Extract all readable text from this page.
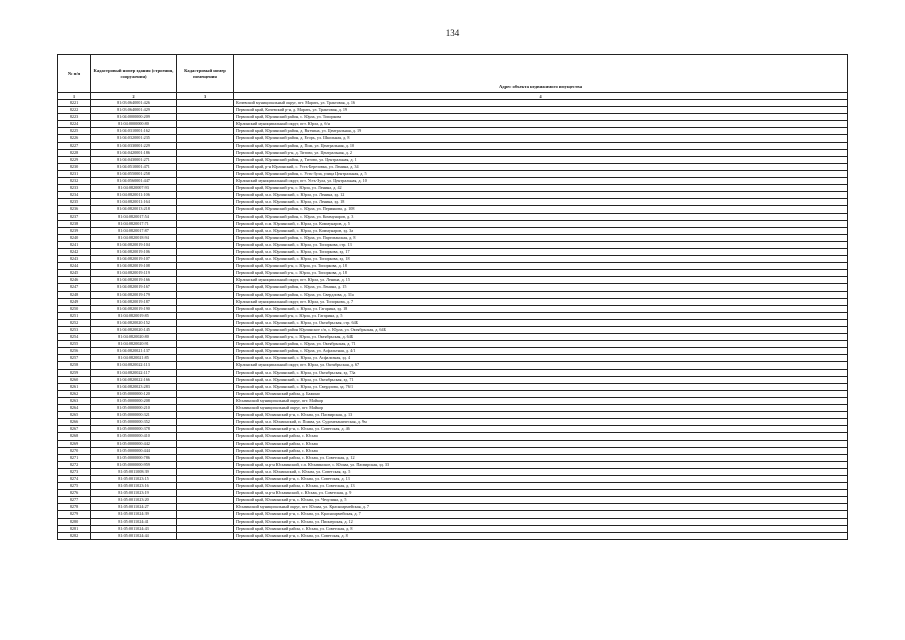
134
№ п/п	Кадастровый номер здания (строения, сооружения)	Кадастровый номер помещения	Адрес объекта недвижимого имущества
1	2	3	4
8221	81:03:0640001:426		Кочевский муниципальный округ, пгт. Марать, ул. Трактовая, д. 16
8222	81:03:0640001:429		Пермский край, Кочевский р-н, д. Марать, ул. Трактовая, д. 19
8223	81:04:0000000:209		Пермский край, Юрлинский район, с. Юрла, ул. Топоркова
8224	81:04:0000000:80		Юрлинский муниципальный округ, пгт. Юрла, д. б/н
8225	81:04:0310001:162		Пермский край, Юрлинский район, д. Вятчина, ул. Центральная, д. 19
8226	81:04:0320001:235		Пермский край, Юрлинский район, д. Егорь, ул. Школьная, д. 8
8227	81:04:0330001:229		Пермский край, Юрлинский район, д. Пож, ул. Центральная, д. 10
8228	81:04:0420001:186		Пермский край, Юрлинский р-н, д. Титово, ул. Центральная, д. 2
8229	81:04:0430001:271		Пермский край, Юрлинский район, д. Титово, ул. Центральная, д. 1
8230	81:04:0510001:471		Пермский край, р-н Юрлинский, с. Усть-Березовка, ул. Ленина, д. 34
8231	81:04:0550001:258		Пермский край, Юрлинский район, с. Усть-Зула, улица Центральная, д. 5
8232	81:04:0560001:447		Юрлинский муниципальный округ, пгт. Усть-Зула, ул. Центральная, д. 10
8233	81:04:0820007:93		Пермский край, Юрлинский р-н, с. Юрла, ул. Ленина, д. 42
8234	81:04:0820011:106		Пермский край, м.о. Юрлинский, с. Юрла, ул. Ленина, зд. 12
8235	81:04:0820011:164		Пермский край, м.о. Юрлинский, с. Юрла, ул. Ленина, зд. 18
8236	81:04:0820013:218		Пермский край, Юрлинский район, с. Юрла, ул. Пермякова, д. 108
8237	81:04:0820017:54		Пермский край, Юрлинский район, с. Юрла, ул. Коммунаров, д. 3
8238	81:04:0820017:71		Пермский край, п.м. Юрлинский, с. Юрла, ул. Коммунаров, д. 5
8239	81:04:0820017:87		Пермский край, м.о. Юрлинский, с. Юрла, ул. Коммунаров, зд. 3а
8240	81:04:0820018:94		Пермский край, Юрлинский район, с. Юрла, ул. Партизанская, д. 8
8241	81:04:0820019:104		Пермский край, м.о. Юрлинский, с. Юрла, ул. Топоркова, стр. 13
8242	81:04:0820019:106		Пермский край, м.о. Юрлинский, с. Юрла, ул. Топоркова, зд. 17
8243	81:04:0820019:107		Пермский край, м.о. Юрлинский, с. Юрла, ул. Топоркова, зд. 18
8244	81:04:0820019:108		Пермский край, Юрлинский р-н, с. Юрла, ул. Топоркова, д. 18
8245	81:04:0820019:119		Пермский край, Юрлинский р-н, с. Юрла, ул. Топоркова, д. 18
8246	81:04:0820019:166		Юрлинский муниципальный округ, пгт. Юрла, ул. Ленина, д. 15
8247	81:04:0820019:167		Пермский край, Юрлинский район, с. Юрла, ул. Ленина, д. 15
8248	81:04:0820019:179		Пермский край, Юрлинский район, с. Юрла, ул. Свердлова, д. 31а
8249	81:04:0820019:187		Юрлинский муниципальный округ, пгт. Юрла, ул. Топоркова, д. 7
8250	81:04:0820019:190		Пермский край, м.о. Юрлинский, с. Юрла, ул. Гагарина, зд. 18
8251	81:04:0820019:85		Пермский край, Юрлинский р-н, с. Юрла, ул. Гагарина, д. 5
8252	81:04:0820020:152		Пермский край, м.о. Юрлинский, с. Юрла, ул. Октябрьская, стр. 64Б
8253	81:04:0820020:145		Пермский край, Юрлинский район Юрлинское с/п, с. Юрла, ул. Октябрьская, д. 64Б
8254	81:04:0820020:80		Пермский край, Юрлинский р-н, с. Юрла, ул. Октябрьская, д. 64Б
8255	81:04:0820020:91		Пермский край, Юрлинский район, с. Юрла, ул. Октябрьская, д. 71
8256	81:04:0820021:137		Пермский край, Юрлинский район, с. Юрла, ул. Асфальтная, д. 4/1
8257	81:04:0820021:85		Пермский край, м.о. Юрлинский, с. Юрла, ул. Асфальтная, зд. 4
8258	81:04:0820022:113		Юрлинский муниципальный округ, пгт. Юрла, ул. Октябрьская, д. 67
8259	81:04:0820022:117		Пермский край, м.о. Юрлинский, с. Юрла, ул. Октябрьская, зд. 73а
8260	81:04:0820022:166		Пермский край, м.о. Юрлинский, с. Юрла, ул. Октябрьская, зд. 71
8261	81:04:0820023:283		Пермский край, м.о. Юрлинский, с. Юрла, ул. Свердлова, зд. 76/1
8262	81:05:0000000:120		Пермский край, Юсьвинский район, д. Бажино
8263	81:05:0000000:208		Юсьвинский муниципальный округ, пгт. Майкор
8264	81:05:0000000:210		Юсьвинский муниципальный округ, пгт. Майкор
8265	81:05:0000000:321		Пермский край, Юсьвинский р-н, с. Юсьва, ул. Пасвирская, д. 13
8266	81:05:0000000:352		Пермский край, м.о. Юсьвинский, п. Пожва, ул. Судомеханическая, д. 9м
8267	81:05:0000000:378		Пермский край, Юсьвинский р-н, с. Юсьва, ул. Советская, д. 46
8268	81:05:0000000:410		Пермский край, Юсьвинский район, с. Юсьва
8269	81:05:0000000:442		Пермский край, Юсьвинский район, с. Юсьва
8270	81:05:0000000:444		Пермский край, Юсьвинский район, с. Юсьва
8271	81:05:0000000:786		Пермский край, Юсьвинский район, с. Юсьва, ул. Советская, д. 12
8272	81:05:0000000:959		Пермский край, м.р-н Юсьвинский, с.п. Юсьвинское, с. Юсьва, ул. Пасвирская, зд. 33
8273	81:05:0011008:39		Пермский край, м.о. Юсьвинский, с. Юсьва, ул. Советская, зд. 5
8274	81:05:0011023:15		Пермский край, Юсьвинский р-н, с. Юсьва, ул. Советская, д. 13
8275	81:05:0011023:16		Пермский край, Юсьвинский район, с. Юсьва, ул. Советская, д. 13
8276	81:05:0011023:19		Пермский край, м.р-н Юсьвинский, с. Юсьва, ул. Советская, д. 9
8277	81:05:0011023:20		Пермский край, Юсьвинский р-н, с. Юсьва, ул. Чечулина, д. 5
8278	81:05:0011024:27		Юсьвинский муниципальный округ, пгт. Юсьва, ул. Красноармейская, д. 7
8279	81:05:0011024:39		Пермский край, Юсьвинский р-н, с. Юсьва, ул. Красноармейская, д. 7
8280	81:05:0011024:41		Пермский край, Юсьвинский р-н, с. Юсьва, ул. Пионерская, д. 12
8281	81:05:0011024:43		Пермский край, Юсьвинский район, с. Юсьва, ул. Советская, д. 8
8282	81:05:0011024:44		Пермский край, Юсьвинский р-н, с. Юсьва, ул. Советская, д. 8
